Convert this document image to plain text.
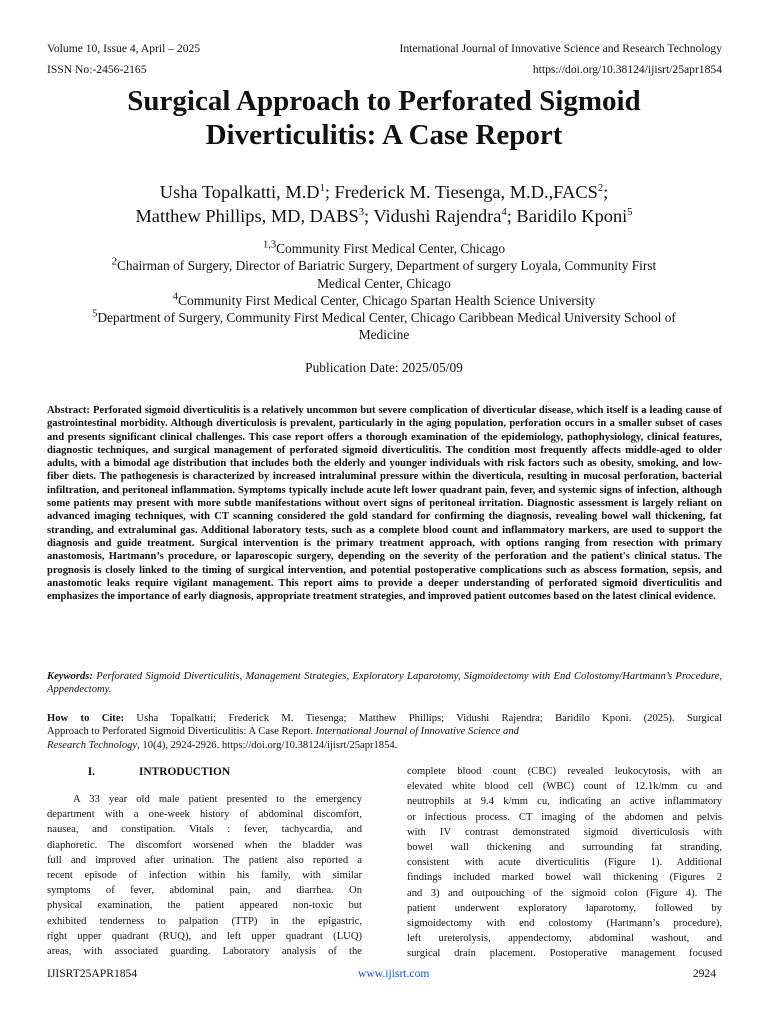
Volume 10, Issue 4, April – 2025	International Journal of Innovative Science and Research Technology
ISSN No:-2456-2165	https://doi.org/10.38124/ijisrt/25apr1854
Surgical Approach to Perforated Sigmoid
Diverticulitis: A Case Report
Usha Topalkatti, $M.D^1$; Frederick M. Tiesenga, M.D.,FACS$^2$;
Matthew Phillips, MD, DABS$^3$; Vidushi Rajendra$^4$; Baridilo Kponi$^5$
$^{1,3}$Community First Medical Center, Chicago
$^2$Chairman of Surgery, Director of Bariatric Surgery, Department of surgery Loyala, Community First
Medical Center, Chicago
$^4$Community First Medical Center, Chicago Spartan Health Science University
$^5$Department of Surgery, Community First Medical Center, Chicago Caribbean Medical University School of
Medicine
Publication Date: 2025/05/09
Abstract: Perforated sigmoid diverticulitis is a relatively uncommon but severe complication of diverticular disease, which itself is a leading cause of gastrointestinal morbidity. Although diverticulosis is prevalent, particularly in the aging population, perforation occurs in a smaller subset of cases and presents significant clinical challenges. This case report offers a thorough examination of the epidemiology, pathophysiology, clinical features, diagnostic techniques, and surgical management of perforated sigmoid diverticulitis. The condition most frequently affects middle-aged to older adults, with a bimodal age distribution that includes both the elderly and younger individuals with risk factors such as obesity, smoking, and low-fiber diets. The pathogenesis is characterized by increased intraluminal pressure within the diverticula, resulting in mucosal perforation, bacterial infiltration, and peritoneal inflammation. Symptoms typically include acute left lower quadrant pain, fever, and systemic signs of infection, although some patients may present with more subtle manifestations without overt signs of peritoneal irritation. Diagnostic assessment is largely reliant on advanced imaging techniques, with CT scanning considered the gold standard for confirming the diagnosis, revealing bowel wall thickening, fat stranding, and extraluminal gas. Additional laboratory tests, such as a complete blood count and inflammatory markers, are used to support the diagnosis and guide treatment. Surgical intervention is the primary treatment approach, with options ranging from resection with primary anastomosis, Hartmann’s procedure, or laparoscopic surgery, depending on the severity of the perforation and the patient's clinical status. The prognosis is closely linked to the timing of surgical intervention, and potential postoperative complications such as abscess formation, sepsis, and anastomotic leaks require vigilant management. This report aims to provide a deeper understanding of perforated sigmoid diverticulitis and emphasizes the importance of early diagnosis, appropriate treatment strategies, and improved patient outcomes based on the latest clinical evidence.
Keywords: Perforated Sigmoid Diverticulitis, Management Strategies, Exploratory Laparotomy, Sigmoidectomy with End Colostomy/Hartmann’s Procedure, Appendectomy.
How to Cite: Usha Topalkatti; Frederick M. Tiesenga; Matthew Phillips; Vidushi Rajendra; Baridilo Kponi. (2025). Surgical
Approach to Perforated Sigmoid Diverticulitis: A Case Report. International Journal of Innovative Science and
Research Technology, 10(4), 2924-2926. https://doi.org/10.38124/ijisrt/25apr1854.
I.	INTRODUCTION
A 33 year old male patient presented to the emergency
department with a one-week history of abdominal discomfort,
nausea, and constipation. Vitals : fever, tachycardia, and
diaphoretic. The discomfort worsened when the bladder was
full and improved after urination. The patient also reported a
recent episode of infection within his family, with similar
symptoms of fever, abdominal pain, and diarrhea. On
physical examination, the patient appeared non-toxic but
exhibited tenderness to palpation (TTP) in the epigastric,
right upper quadrant (RUQ), and left upper quadrant (LUQ)
areas, with associated guarding. Laboratory analysis of the
complete blood count (CBC) revealed leukocytosis, with an
elevated white blood cell (WBC) count of 12.1k/mm cu and
neutrophils at 9.4 k/mm cu, indicating an active inflammatory
or infectious process. CT imaging of the abdomen and pelvis
with IV contrast demonstrated sigmoid diverticulosis with
bowel wall thickening and surrounding fat stranding,
consistent with acute diverticulitis (Figure 1). Additional
findings included marked bowel wall thickening (Figures 2
and 3) and outpouching of the sigmoid colon (Figure 4). The
patient underwent exploratory laparotomy, followed by
sigmoidectomy with end colostomy (Hartmann’s procedure),
left ureterolysis, appendectomy, abdominal washout, and
surgical drain placement. Postoperative management focused
IJISRT25APR1854	www.ijisrt.com	2924
